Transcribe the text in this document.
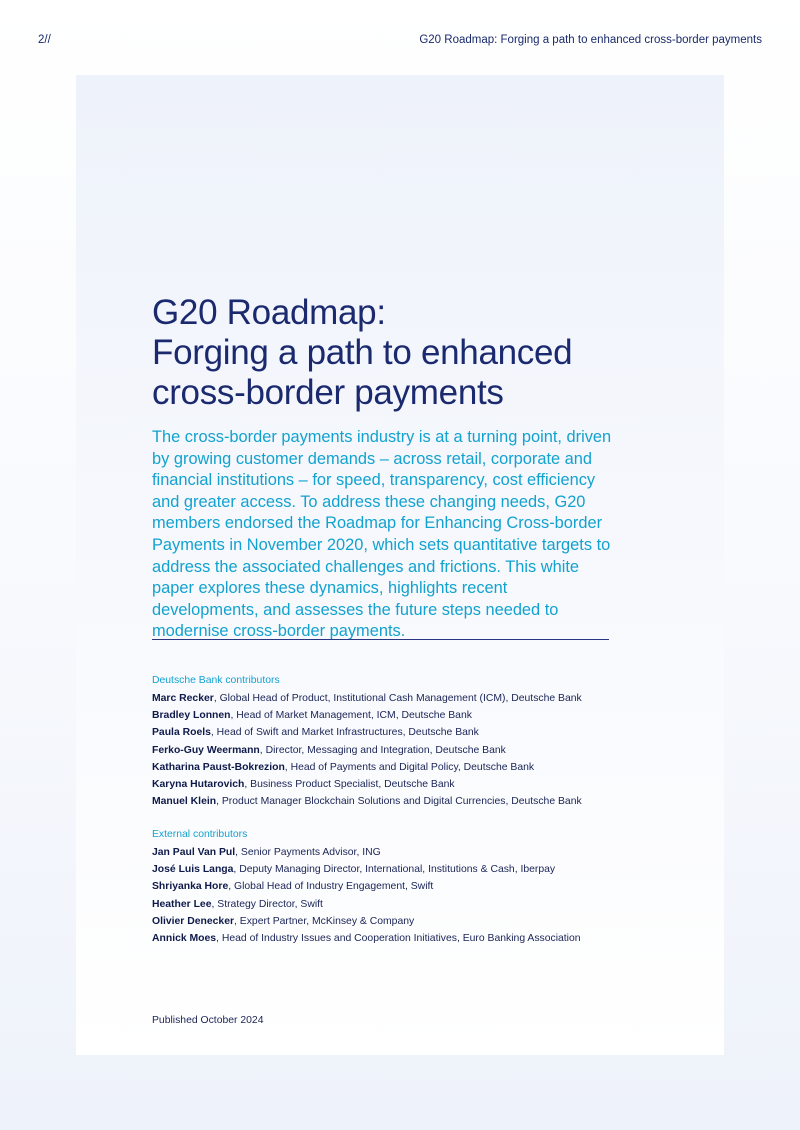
2//	G20 Roadmap: Forging a path to enhanced cross-border payments
G20 Roadmap:
Forging a path to enhanced
cross-border payments

The cross-border payments industry is at a turning point, driven by growing customer demands – across retail, corporate and financial institutions – for speed, transparency, cost efficiency and greater access. To address these changing needs, G20 members endorsed the Roadmap for Enhancing Cross-border Payments in November 2020, which sets quantitative targets to address the associated challenges and frictions. This white paper explores these dynamics, highlights recent developments, and assesses the future steps needed to modernise cross-border payments.

Deutsche Bank contributors
Marc Recker, Global Head of Product, Institutional Cash Management (ICM), Deutsche Bank
Bradley Lonnen, Head of Market Management, ICM, Deutsche Bank
Paula Roels, Head of Swift and Market Infrastructures, Deutsche Bank
Ferko-Guy Weermann, Director, Messaging and Integration, Deutsche Bank
Katharina Paust-Bokrezion, Head of Payments and Digital Policy, Deutsche Bank
Karyna Hutarovich, Business Product Specialist, Deutsche Bank
Manuel Klein, Product Manager Blockchain Solutions and Digital Currencies, Deutsche Bank
External contributors
Jan Paul Van Pul, Senior Payments Advisor, ING
José Luis Langa, Deputy Managing Director, International, Institutions & Cash, Iberpay
Shriyanka Hore, Global Head of Industry Engagement, Swift
Heather Lee, Strategy Director, Swift
Olivier Denecker, Expert Partner, McKinsey & Company
Annick Moes, Head of Industry Issues and Cooperation Initiatives, Euro Banking Association

Published October 2024
